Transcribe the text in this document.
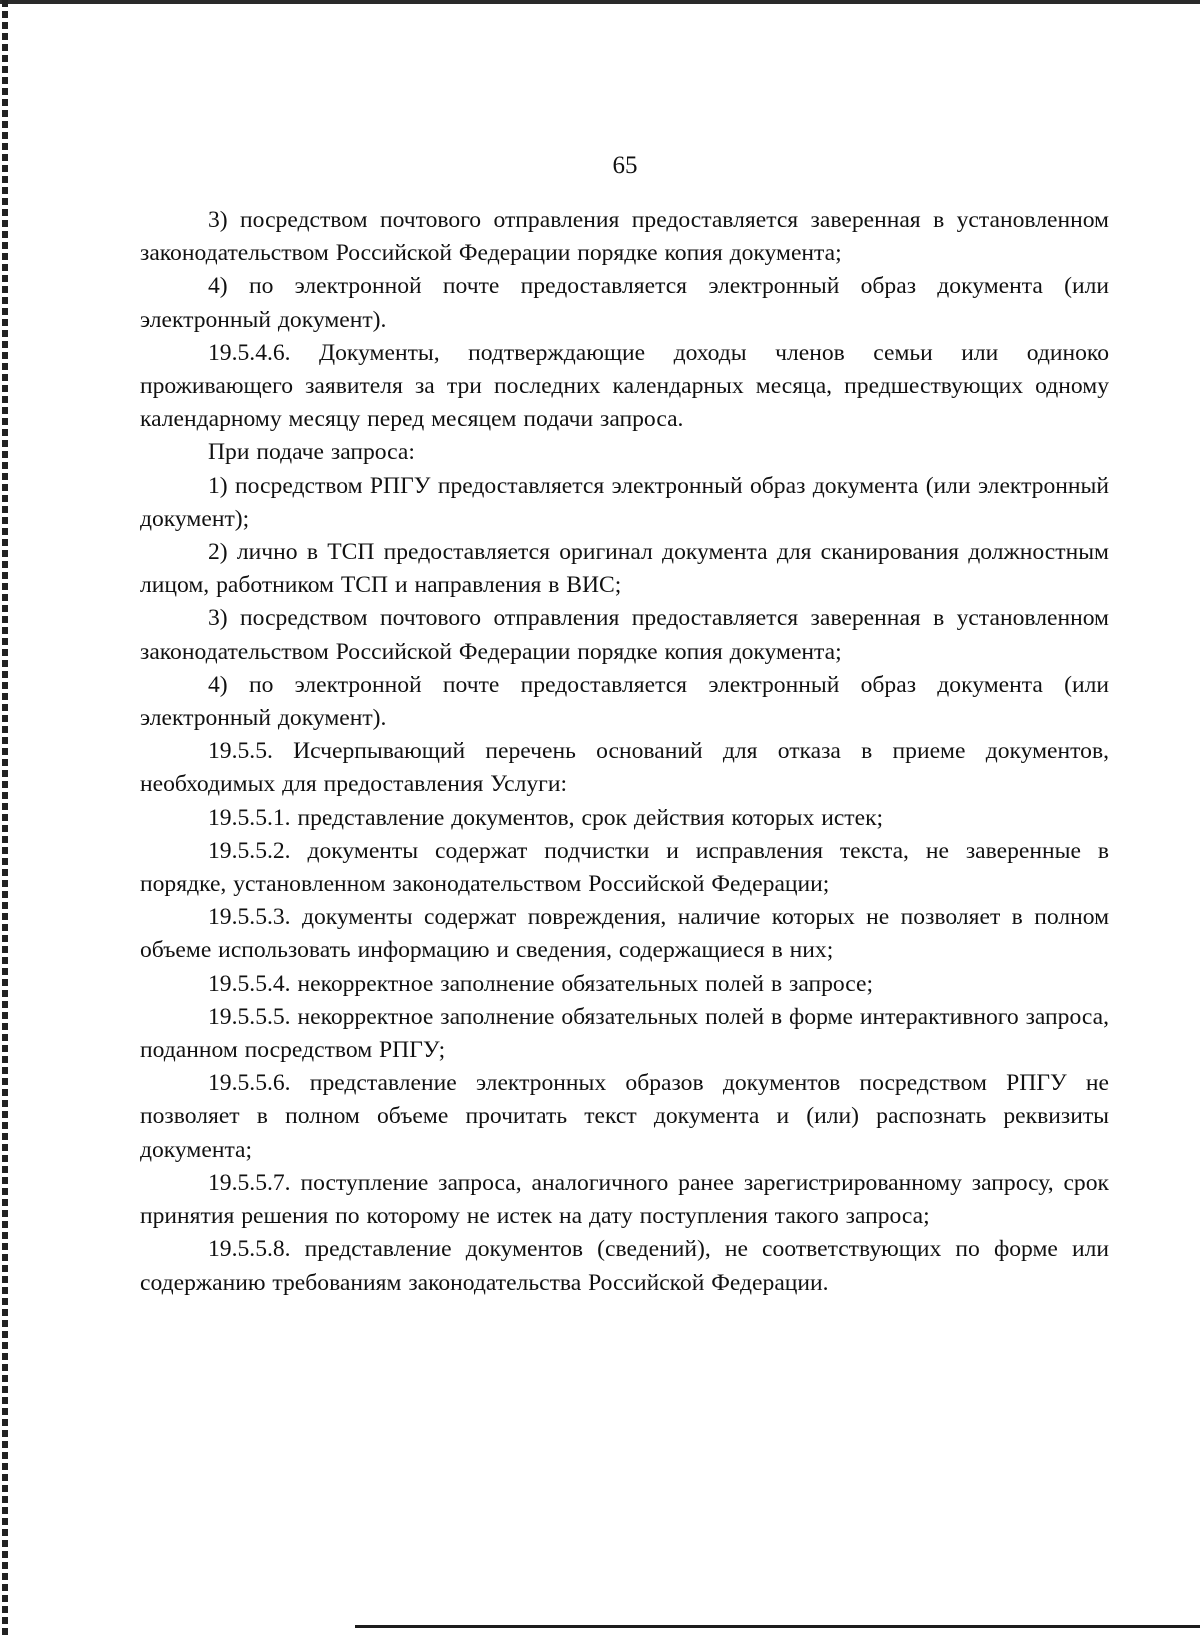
65

3) посредством почтового отправления предоставляется заверенная в установленном законодательством Российской Федерации порядке копия документа;

4) по электронной почте предоставляется электронный образ документа (или электронный документ).

19.5.4.6. Документы, подтверждающие доходы членов семьи или одиноко проживающего заявителя за три последних календарных месяца, предшествующих одному календарному месяцу перед месяцем подачи запроса.

При подаче запроса:

1) посредством РПГУ предоставляется электронный образ документа (или электронный документ);

2) лично в ТСП предоставляется оригинал документа для сканирования должностным лицом, работником ТСП и направления в ВИС;

3) посредством почтового отправления предоставляется заверенная в установленном законодательством Российской Федерации порядке копия документа;

4) по электронной почте предоставляется электронный образ документа (или электронный документ).

19.5.5. Исчерпывающий перечень оснований для отказа в приеме документов, необходимых для предоставления Услуги:

19.5.5.1. представление документов, срок действия которых истек;

19.5.5.2. документы содержат подчистки и исправления текста, не заверенные в порядке, установленном законодательством Российской Федерации;

19.5.5.3. документы содержат повреждения, наличие которых не позволяет в полном объеме использовать информацию и сведения, содержащиеся в них;

19.5.5.4. некорректное заполнение обязательных полей в запросе;

19.5.5.5. некорректное заполнение обязательных полей в форме интерактивного запроса, поданном посредством РПГУ;

19.5.5.6. представление электронных образов документов посредством РПГУ не позволяет в полном объеме прочитать текст документа и (или) распознать реквизиты документа;

19.5.5.7. поступление запроса, аналогичного ранее зарегистрированному запросу, срок принятия решения по которому не истек на дату поступления такого запроса;

19.5.5.8. представление документов (сведений), не соответствующих по форме или содержанию требованиям законодательства Российской Федерации.
